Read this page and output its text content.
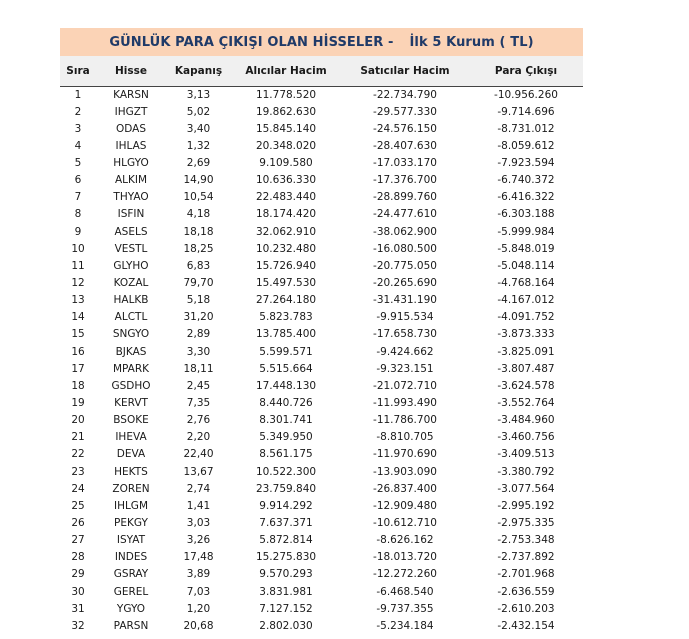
GÜNLÜK PARA ÇIKIŞI OLAN HİSSELER - İlk 5 Kurum ( TL)
Sıra	Hisse	Kapanış	Alıcılar Hacim	Satıcılar Hacim	Para Çıkışı
1	KARSN	3,13	11.778.520	-22.734.790	-10.956.260
2	IHGZT	5,02	19.862.630	-29.577.330	-9.714.696
3	ODAS	3,40	15.845.140	-24.576.150	-8.731.012
4	IHLAS	1,32	20.348.020	-28.407.630	-8.059.612
5	HLGYO	2,69	9.109.580	-17.033.170	-7.923.594
6	ALKIM	14,90	10.636.330	-17.376.700	-6.740.372
7	THYAO	10,54	22.483.440	-28.899.760	-6.416.322
8	ISFIN	4,18	18.174.420	-24.477.610	-6.303.188
9	ASELS	18,18	32.062.910	-38.062.900	-5.999.984
10	VESTL	18,25	10.232.480	-16.080.500	-5.848.019
11	GLYHO	6,83	15.726.940	-20.775.050	-5.048.114
12	KOZAL	79,70	15.497.530	-20.265.690	-4.768.164
13	HALKB	5,18	27.264.180	-31.431.190	-4.167.012
14	ALCTL	31,20	5.823.783	-9.915.534	-4.091.752
15	SNGYO	2,89	13.785.400	-17.658.730	-3.873.333
16	BJKAS	3,30	5.599.571	-9.424.662	-3.825.091
17	MPARK	18,11	5.515.664	-9.323.151	-3.807.487
18	GSDHO	2,45	17.448.130	-21.072.710	-3.624.578
19	KERVT	7,35	8.440.726	-11.993.490	-3.552.764
20	BSOKE	2,76	8.301.741	-11.786.700	-3.484.960
21	IHEVA	2,20	5.349.950	-8.810.705	-3.460.756
22	DEVA	22,40	8.561.175	-11.970.690	-3.409.513
23	HEKTS	13,67	10.522.300	-13.903.090	-3.380.792
24	ZOREN	2,74	23.759.840	-26.837.400	-3.077.564
25	IHLGM	1,41	9.914.292	-12.909.480	-2.995.192
26	PEKGY	3,03	7.637.371	-10.612.710	-2.975.335
27	ISYAT	3,26	5.872.814	-8.626.162	-2.753.348
28	INDES	17,48	15.275.830	-18.013.720	-2.737.892
29	GSRAY	3,89	9.570.293	-12.272.260	-2.701.968
30	GEREL	7,03	3.831.981	-6.468.540	-2.636.559
31	YGYO	1,20	7.127.152	-9.737.355	-2.610.203
32	PARSN	20,68	2.802.030	-5.234.184	-2.432.154
